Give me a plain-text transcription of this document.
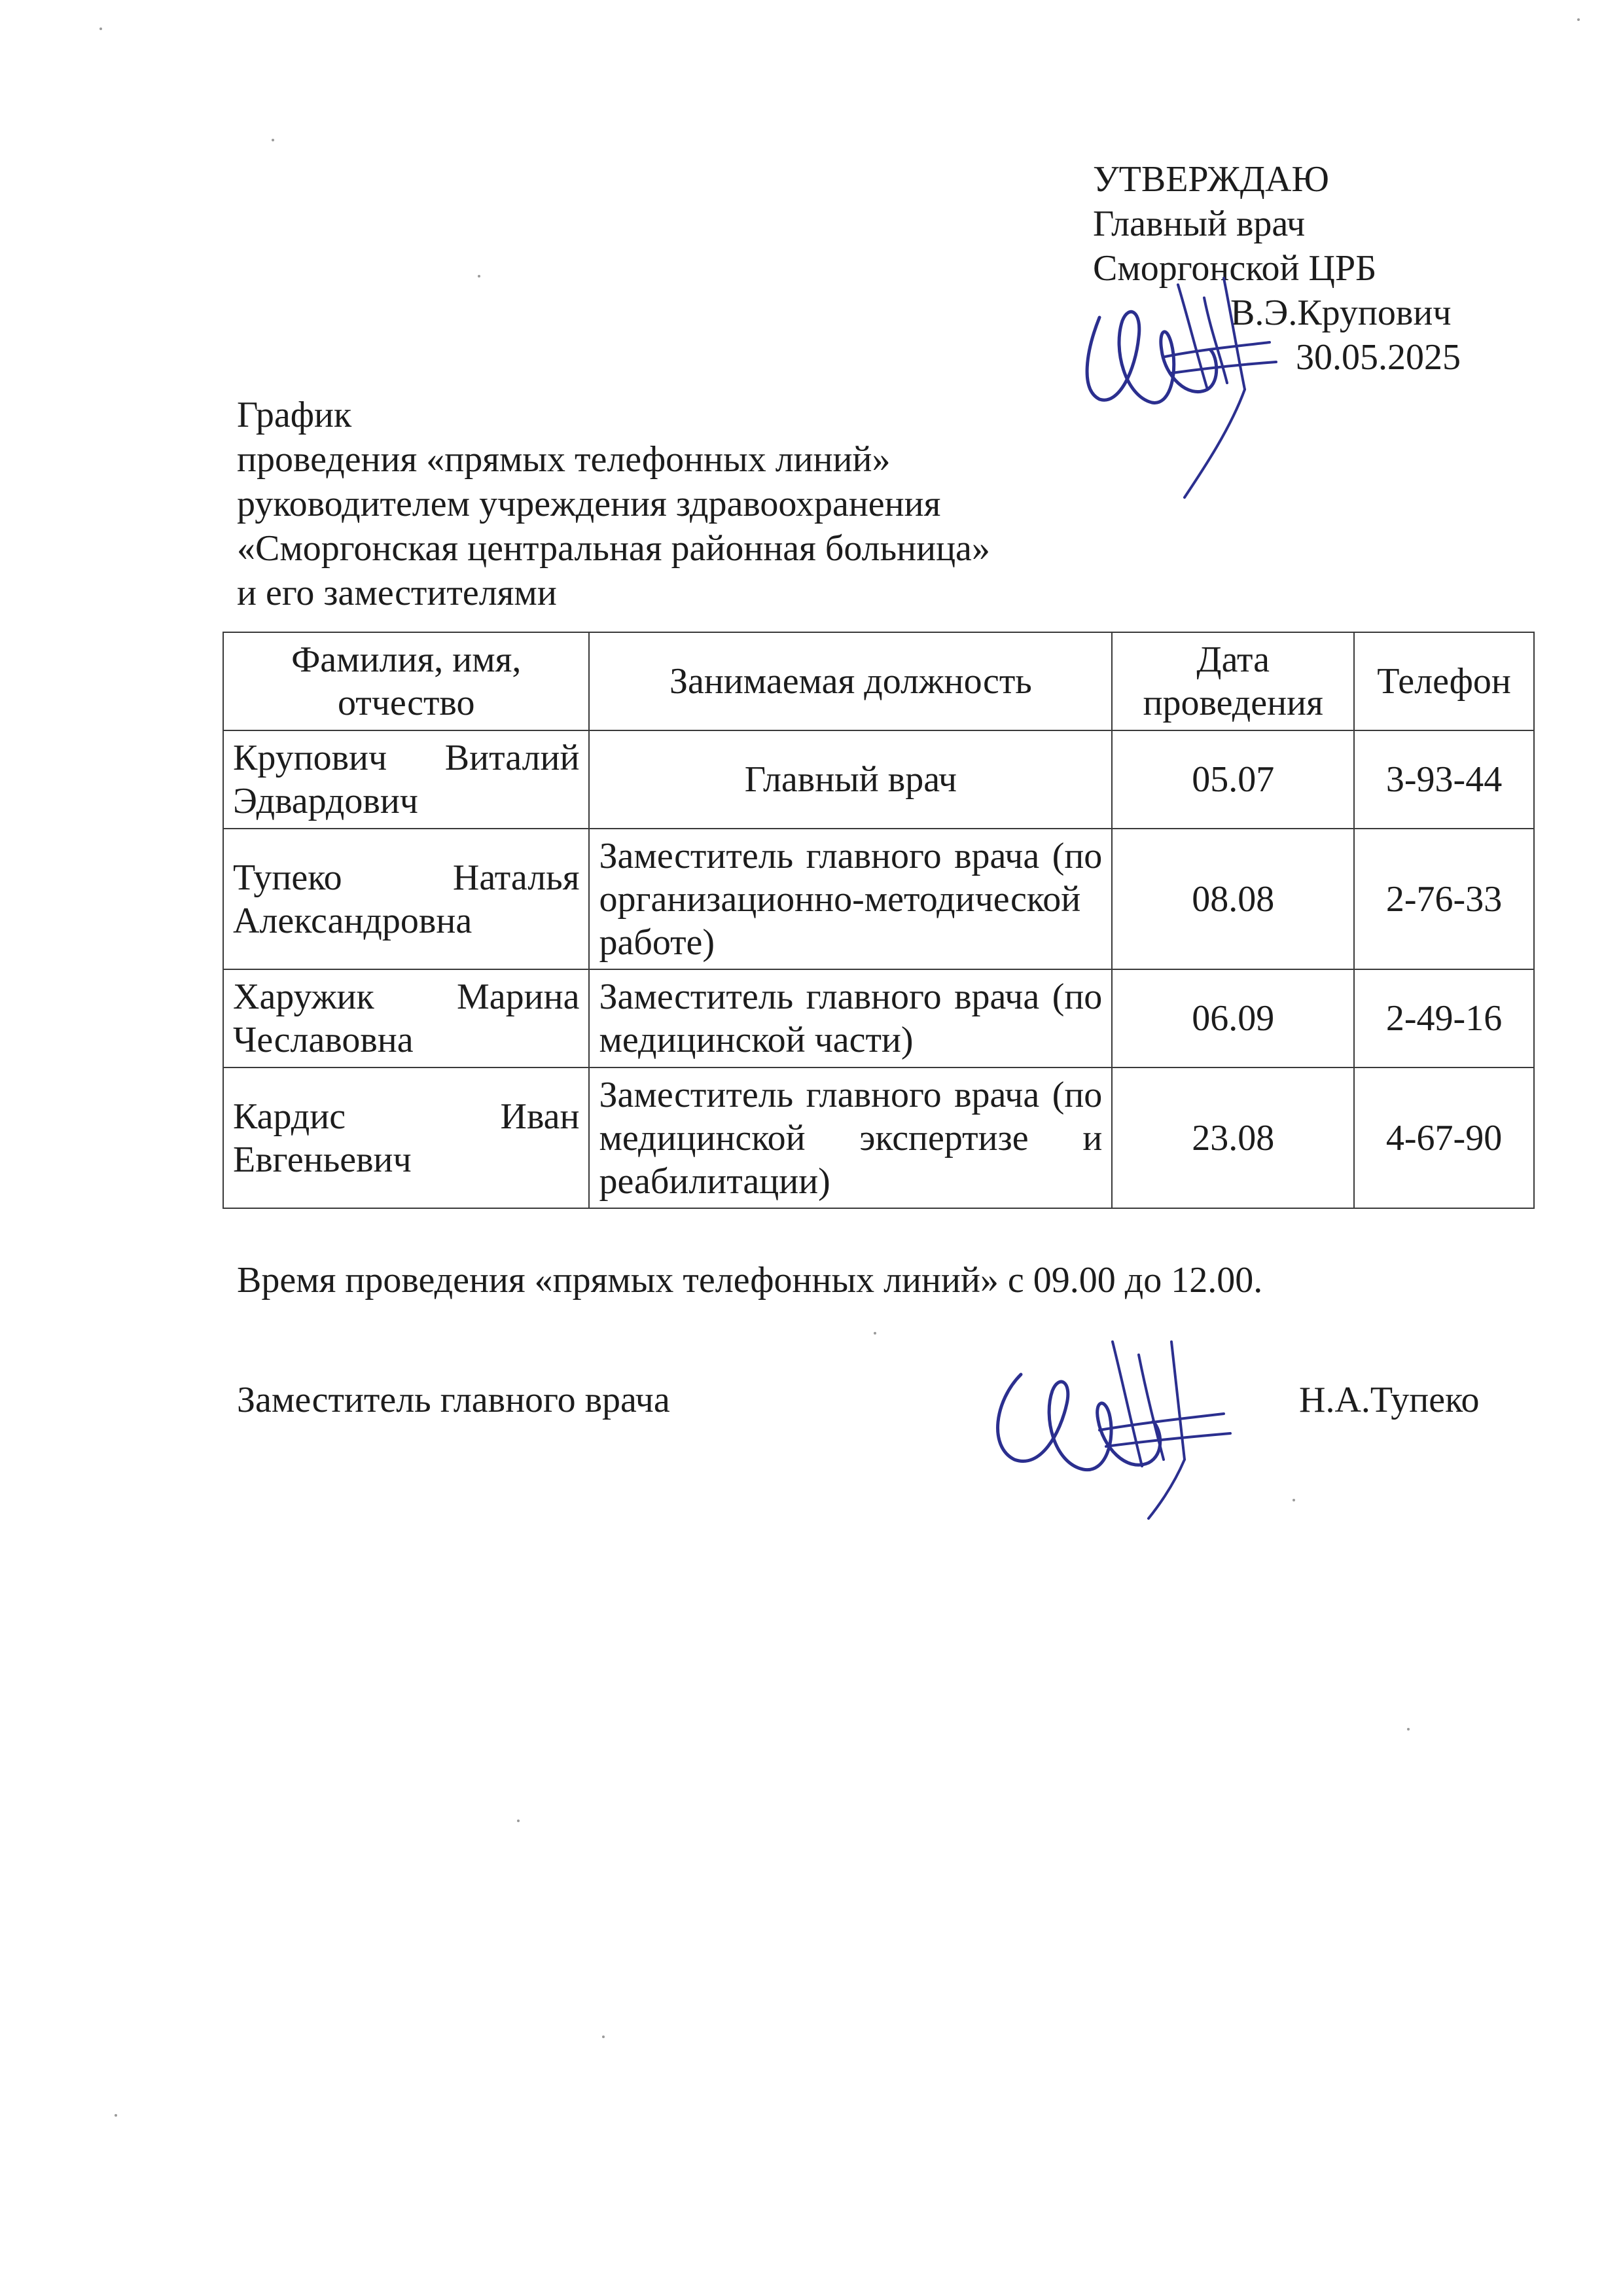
УТВЕРЖДАЮ
Главный врач
Сморгонской ЦРБ
В.Э.Крупович
30.05.2025
График
проведения «прямых телефонных линий»
руководителем учреждения здравоохранения
«Сморгонская центральная районная больница»
и его заместителями
Фамилия, имя, отчество	Занимаемая должность	Дата проведения	Телефон
Крупович Виталий Эдвардович	Главный врач	05.07	3-93-44
Тупеко Наталья Александровна	Заместитель главного врача (по организационно-методической работе)	08.08	2-76-33
Харужик Марина Чеславовна	Заместитель главного врача (по медицинской части)	06.09	2-49-16
Кардис Иван Евгеньевич	Заместитель главного врача (по медицинской экспертизе и реабилитации)	23.08	4-67-90
Время проведения «прямых телефонных линий» с 09.00 до 12.00.
Заместитель главного врача	Н.А.Тупеко
